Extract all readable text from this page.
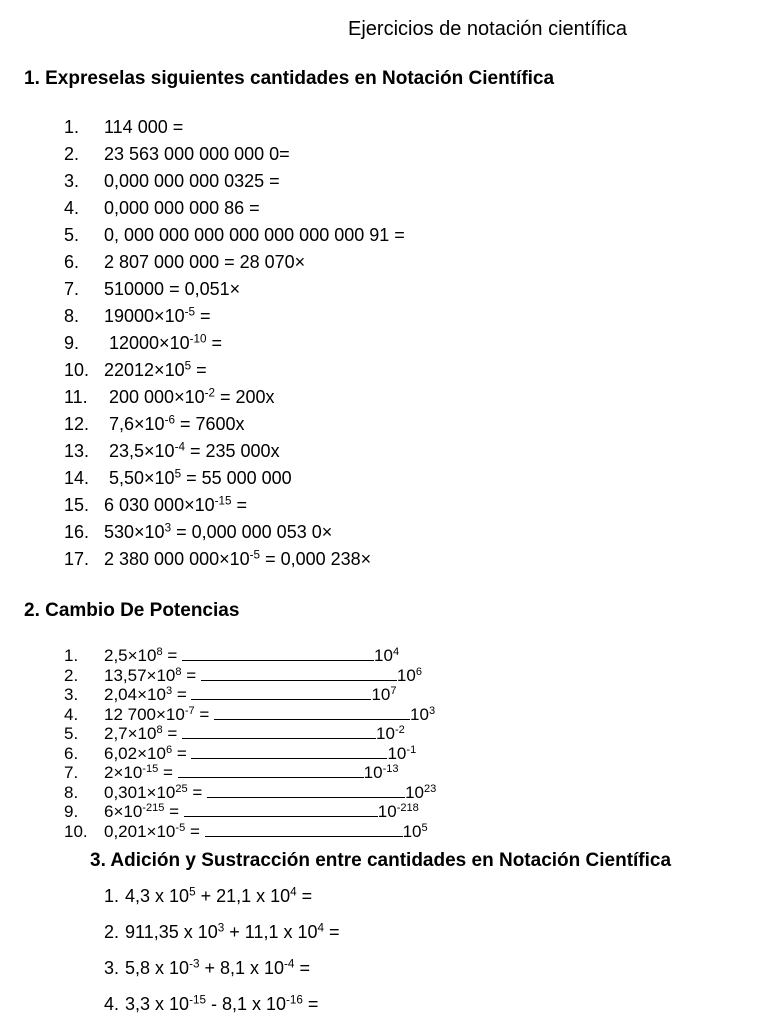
Ejercicios de notación científica
1. Expreselas siguientes cantidades en Notación Científica
1. 114 000 =
2. 23 563 000 000 000 0=
3. 0,000 000 000 0325 =
4. 0,000 000 000 86 =
5. 0, 000 000 000 000 000 000 000 91 =
6. 2 807 000 000 = 28 070×
7. 510000 = 0,051×
8. $19000\times 10^{-5}$ =
9. $12000\times 10^{-10}$ =
10. $22012\times 10^5$ =
11. 200 $000\times 10^{-2} = 200x$
12. $7,6\times 10^{-6} = 7600x$
13. $23,5\times 10^{-4} = 235$ 000x
14. $5,50\times 10^5 = 55$ 000 000
15. 6 030 $000\times 10^{-15}$ =
16. $530\times 10^3 = 0,000$ 000 053 0×
17. 2 380 000 $000\times 10^{-5} = 0,000$ 238×
2. Cambio De Potencias
1. $2,5\times 10^8$ =	$10^4$
2. $13,57\times 10^8$ =	$10^6$
3. $2,04\times 10^3$ =	$10^7$
4. 12 $700\times 10^{-7}$ =	$10^3$
5. $2,7\times 10^8$ =	$10^{-2}$
6. $6,02\times 10^6$ =	$10^{-1}$
7. $2\times 10^{-15}$ =	$10^{-13}$
8. $0,301\times 10^{25}$ =	$10^{23}$
9. $6\times 10^{-215}$ =	$10^{-218}$
10. $0,201\times 10^{-5}$ =	$10^5$
3. Adición y Sustracción entre cantidades en Notación Científica
1. 4,3 x $10^5 + 21,1$ x $10^4$ =
2. 911,35 x $10^3 + 11,1$ x $10^4$ =
3. 5,8 x $10^{-3} + 8,1$ x $10^{-4}$ =
4. 3,3 x $10^{-15} - 8,1$ x $10^{-16}$ =
